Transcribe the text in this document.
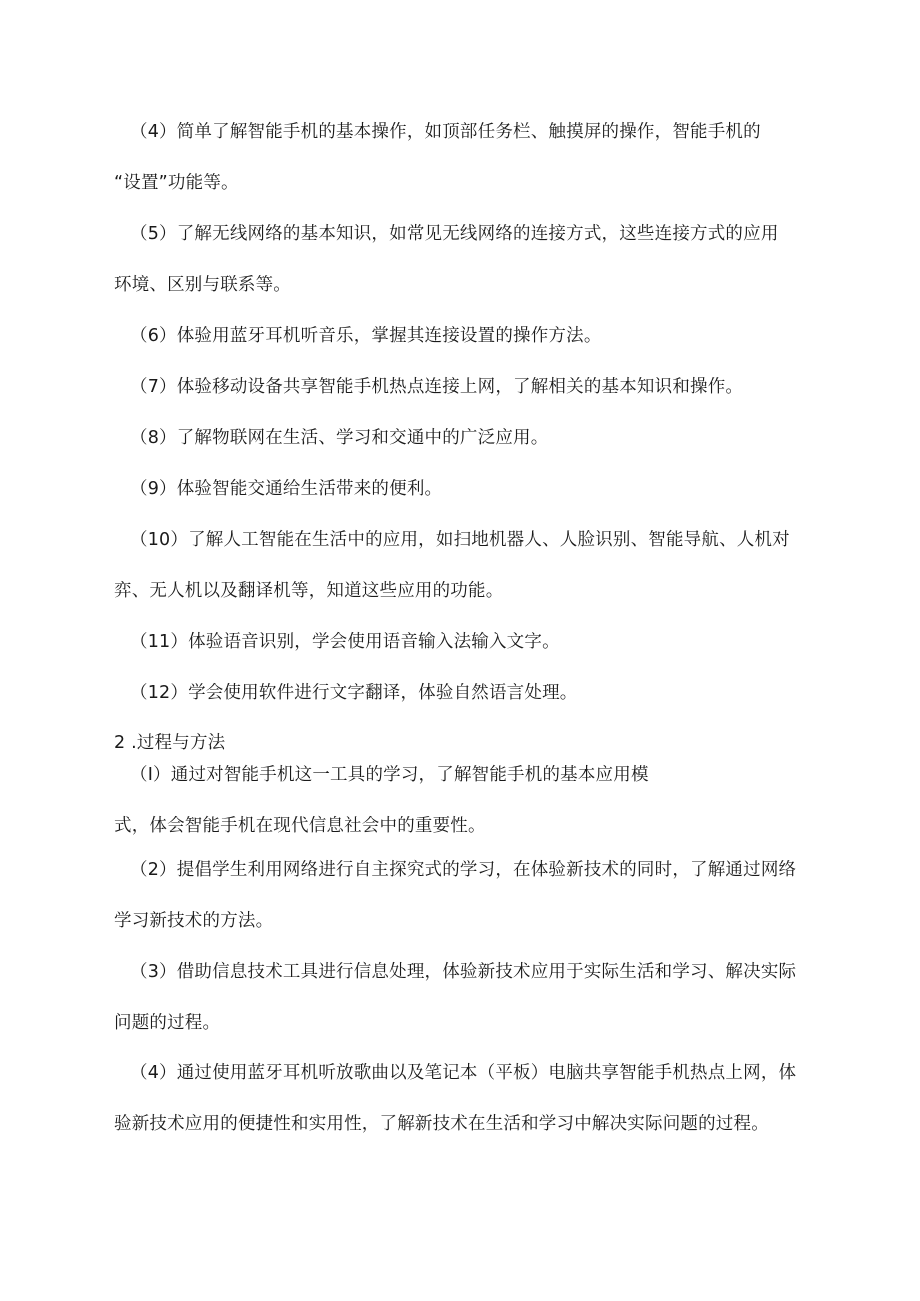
（4）简单了解智能手机的基本操作，如顶部任务栏、触摸屏的操作，智能手机的
“设置”功能等。
（5）了解无线网络的基本知识，如常见无线网络的连接方式，这些连接方式的应用
环境、区别与联系等。
（6）体验用蓝牙耳机听音乐，掌握其连接设置的操作方法。
（7）体验移动设备共享智能手机热点连接上网，了解相关的基本知识和操作。
（8）了解物联网在生活、学习和交通中的广泛应用。
（9）体验智能交通给生活带来的便利。
（10）了解人工智能在生活中的应用，如扫地机器人、人脸识别、智能导航、人机对
弈、无人机以及翻译机等，知道这些应用的功能。
（11）体验语音识别，学会使用语音输入法输入文字。
（12）学会使用软件进行文字翻译，体验自然语言处理。
2 .过程与方法
（I）通过对智能手机这一工具的学习，了解智能手机的基本应用模
式，体会智能手机在现代信息社会中的重要性。
（2）提倡学生利用网络进行自主探究式的学习，在体验新技术的同时，了解通过网络
学习新技术的方法。
（3）借助信息技术工具进行信息处理，体验新技术应用于实际生活和学习、解决实际
问题的过程。
（4）通过使用蓝牙耳机听放歌曲以及笔记本（平板）电脑共享智能手机热点上网，体
验新技术应用的便捷性和实用性，了解新技术在生活和学习中解决实际问题的过程。
